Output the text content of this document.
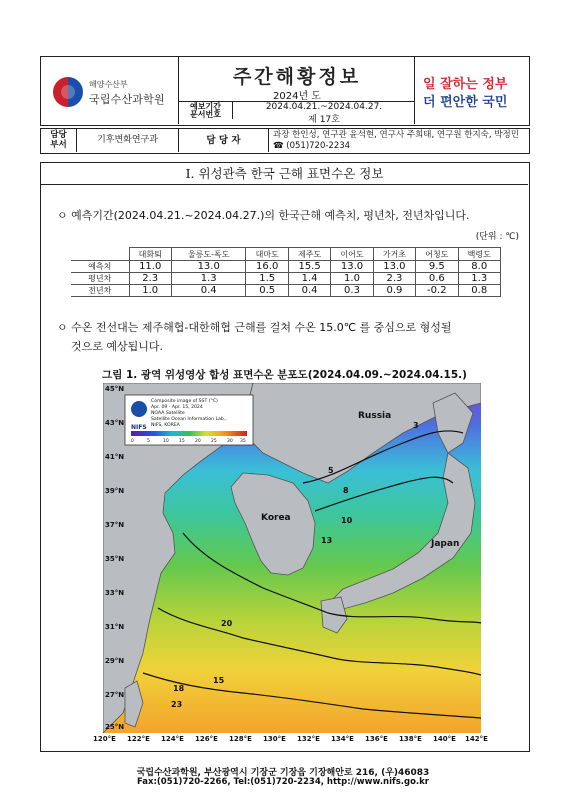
해양수산부
국립수산과학원
주간해황정보
2024년 도
예보기간
문서번호
2024.04.21.~2024.04.27.
제 17호
일 잘하는 정부
더 편안한 국민
담당
부서	기후변화연구과	담 당 자	과장 한인성, 연구관 윤석현, 연구사 주희태, 연구원 한지숙, 박정민
☎ (051)720-2234
I. 위성관측 한국 근해 표면수온 정보
ㅇ 예측기간(2024.04.21.~2024.04.27.)의 한국근해 예측치, 평년차, 전년차입니다.
(단위 : ℃)
	대화퇴	울릉도-독도	대마도	제주도	이어도	가거초	어청도	백령도
예측치	11.0	13.0	16.0	15.5	13.0	13.0	9.5	8.0
평년차	2.3	1.3	1.5	1.4	1.0	2.3	0.6	1.3
전년차	1.0	0.4	0.5	0.4	0.3	0.9	-0.2	0.8
ㅇ 수온 전선대는 제주해협-대한해협 근해를 걸쳐 수온 15.0℃ 를 중심으로 형성될
것으로 예상됩니다.
그림 1. 광역 위성영상 합성 표면수온 분포도(2024.04.09.~2024.04.15.)
45°N
43°N
41°N
39°N
37°N
35°N
33°N
31°N
29°N
27°N
25°N
Russia
Korea
Japan
3
5
8
10
13
15
18
20
23
NIFS
Composite image of SST (°C)
Apr. 09 - Apr. 15, 2024
NOAA Satellite
Satellite Ocean Information Lab.,
NIFS, KOREA
0	5	10 15 20 25 30 35
120°E 122°E 124°E 126°E 128°E 130°E 132°E 134°E 136°E 138°E 140°E 142°E
국립수산과학원, 부산광역시 기장군 기장읍 기장해안로 216, (우)46083
Fax:(051)720-2266, Tel:(051)720-2234, http://www.nifs.go.kr
